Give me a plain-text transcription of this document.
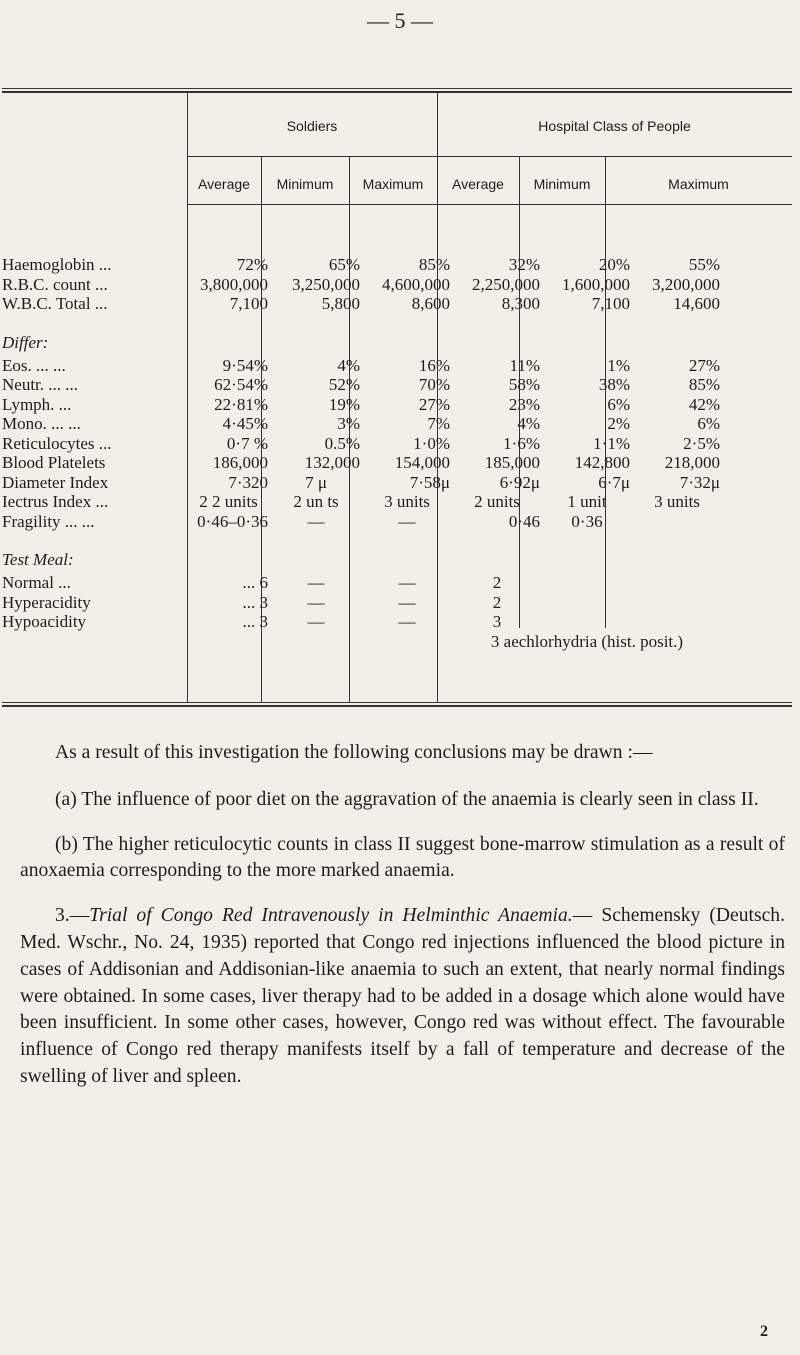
— 5 —
Soldiers	Hospital Class of People
Average	Minimum	Maximum	Average	Minimum	Maximum
Haemoglobin ...	72%	65%	85%	32%	20%	55%
R.B.C. count ...	3,800,000	3,250,000	4,600,000	2,250,000	1,600,000	3,200,000
W.B.C. Total ...	7,100	5,800	8,600	8,300	7,100	14,600
Differ:						
Eos. ... ...	9·54%	4%	16%	11%	1%	27%
Neutr. ... ...	62·54%	52%	70%	58%	38%	85%
Lymph. ...	22·81%	19%	27%	23%	6%	42%
Mono. ... ...	4·45%	3%	7%	4%	2%	6%
Reticulocytes ...	0·7 %	0.5%	1·0%	1·6%	1·1%	2·5%
Blood Platelets	186,000	132,000	154,000	185,000	142,800	218,000
Diameter Index	7·320	7 μ	7·58μ	6·92μ	6·7μ	7·32μ
Iectrus Index ...	2 2 units	2 un ts	3 units	2 units	1 unit	3 units
Fragility ... ...	0·46–0·36	—	—	0·46	0·36	
Test Meal:						
Normal ...	... 6	—	—	2		
Hyperacidity	... 3	—	—	2		
Hypoacidity	... 3	—	—	3		
				3 aechlorhydria (hist. posit.)		

As a result of this investigation the following conclusions may be drawn :—

(a) The influence of poor diet on the aggravation of the anaemia is clearly seen in class II.

(b) The higher reticulocytic counts in class II suggest bone-marrow stimulation as a result of anoxaemia corresponding to the more marked anaemia.

3.—Trial of Congo Red Intravenously in Helminthic Anaemia.— Schemensky (Deutsch. Med. Wschr., No. 24, 1935) reported that Congo red injections influenced the blood picture in cases of Addisonian and Addisonian-like anaemia to such an extent, that nearly normal findings were obtained. In some cases, liver therapy had to be added in a dosage which alone would have been insufficient. In some other cases, however, Congo red was without effect. The favourable influence of Congo red therapy manifests itself by a fall of temperature and decrease of the swelling of liver and spleen.

2
